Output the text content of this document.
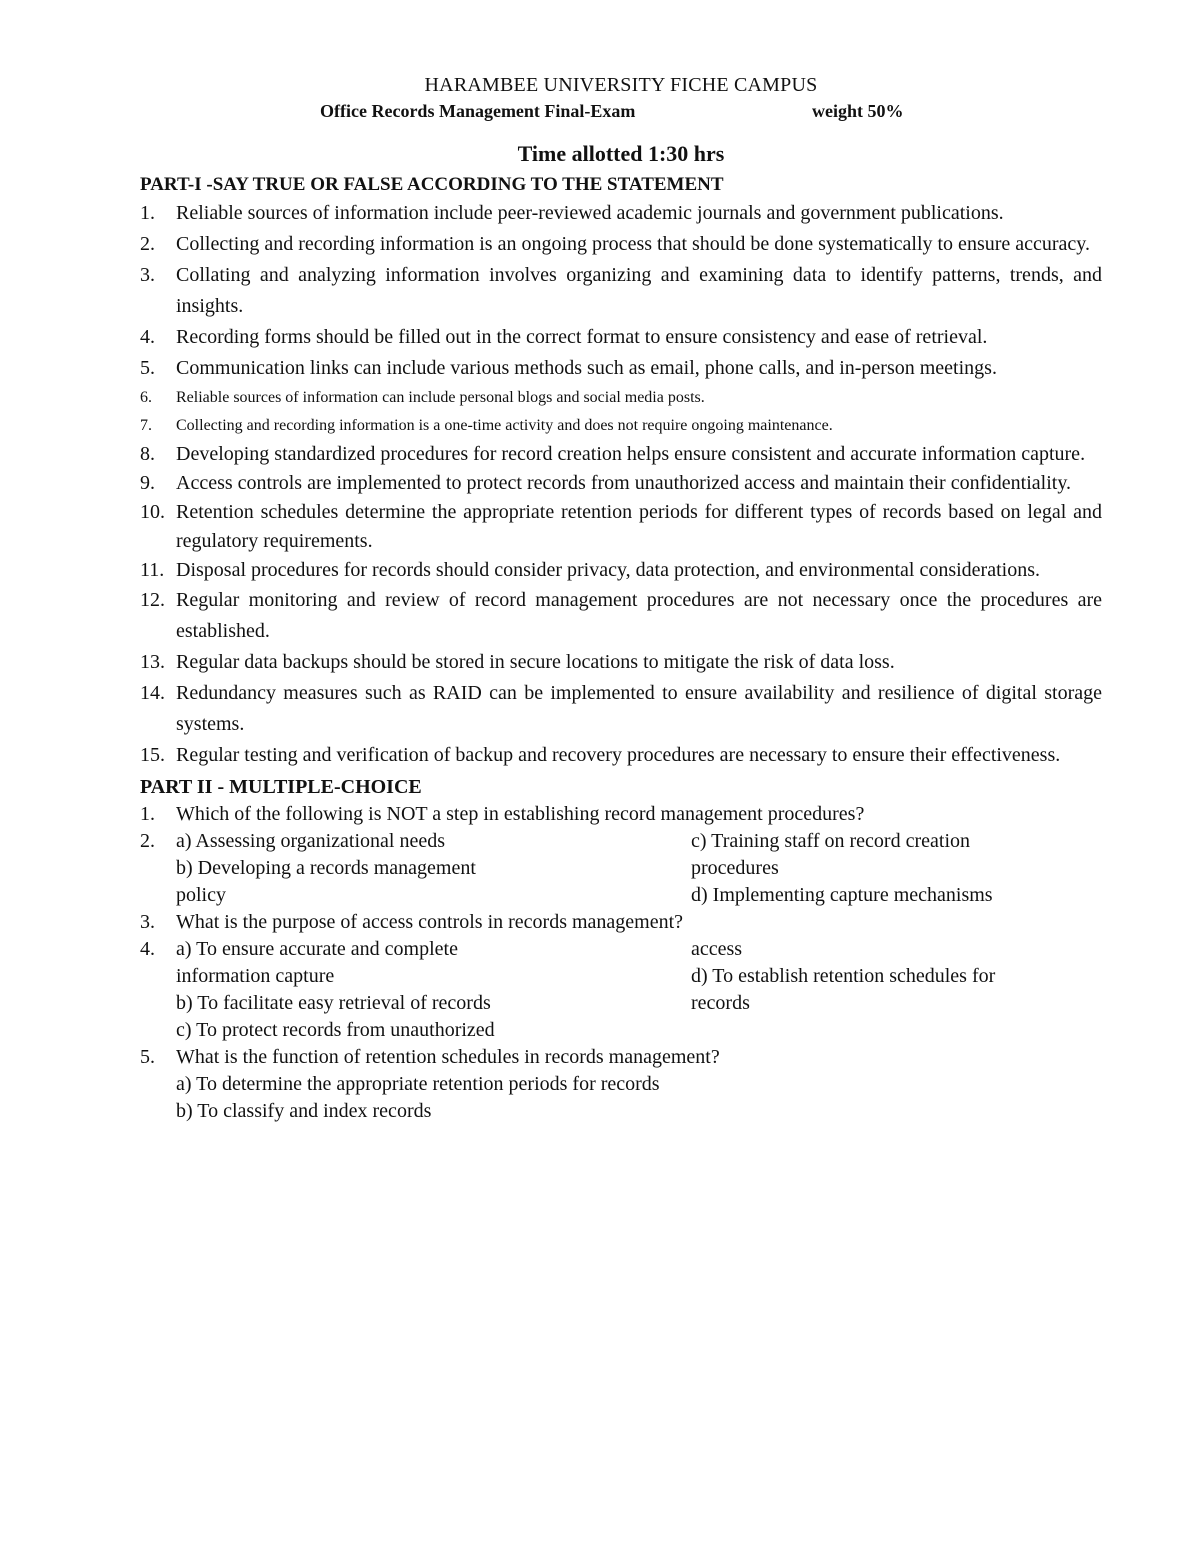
HARAMBEE UNIVERSITY FICHE CAMPUS
Office Records Management Final-Exam	weight 50%
Time allotted 1:30 hrs
PART-I -SAY TRUE OR FALSE ACCORDING TO THE STATEMENT
1.	Reliable sources of information include peer-reviewed academic journals and government publications.
2.	Collecting and recording information is an ongoing process that should be done systematically to ensure accuracy.
3.	Collating and analyzing information involves organizing and examining data to identify patterns, trends, and insights.
4.	Recording forms should be filled out in the correct format to ensure consistency and ease of retrieval.
5.	Communication links can include various methods such as email, phone calls, and in-person meetings.
6.	Reliable sources of information can include personal blogs and social media posts.
7.	Collecting and recording information is a one-time activity and does not require ongoing maintenance.
8.	Developing standardized procedures for record creation helps ensure consistent and accurate information capture.
9.	Access controls are implemented to protect records from unauthorized access and maintain their confidentiality.
10. Retention schedules determine the appropriate retention periods for different types of records based on legal and regulatory requirements.
11. Disposal procedures for records should consider privacy, data protection, and environmental considerations.
12. Regular monitoring and review of record management procedures are not necessary once the procedures are established.
13. Regular data backups should be stored in secure locations to mitigate the risk of data loss.
14. Redundancy measures such as RAID can be implemented to ensure availability and resilience of digital storage systems.
15. Regular testing and verification of backup and recovery procedures are necessary to ensure their effectiveness.
PART II - MULTIPLE-CHOICE
1. Which of the following is NOT a step in establishing record management procedures?
2. a) Assessing organizational needs
b) Developing a records management
policy
c) Training staff on record creation
procedures
d) Implementing capture mechanisms
3. What is the purpose of access controls in records management?
4. a) To ensure accurate and complete
information capture
b) To facilitate easy retrieval of records
c) To protect records from unauthorized
access
d) To establish retention schedules for
records
5. What is the function of retention schedules in records management?
a) To determine the appropriate retention periods for records
b) To classify and index records
